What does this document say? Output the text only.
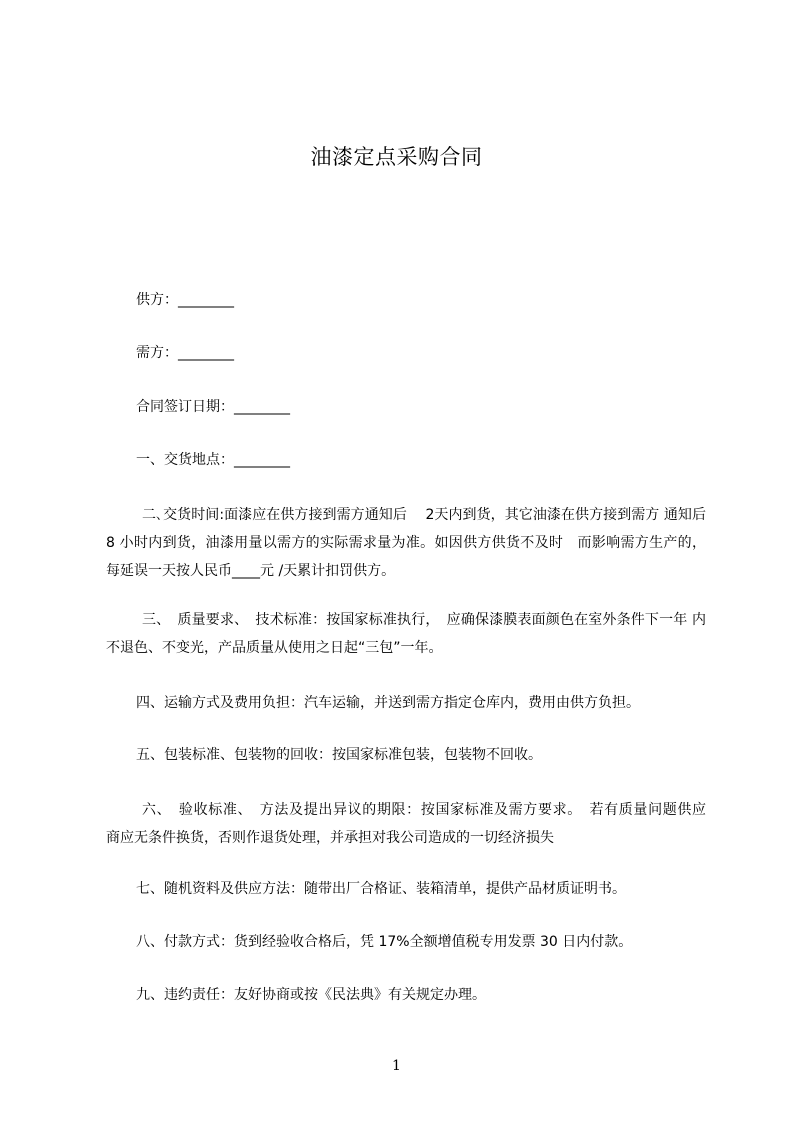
油漆定点采购合同
供方：________
需方：________
合同签订日期：________
一、交货地点：________
二､交货时间:面漆应在供方接到需方通知后　 2天内到货，其它油漆在供方接到需方 通知后 8 小时内到货，油漆用量以需方的实际需求量为准。如因供方供货不及时　而影响需方生产的，每延误一天按人民币____元 /天累计扣罚供方。
三、　质量要求、　技术标准：按国家标准执行，　应确保漆膜表面颜色在室外条件下一年 内不退色、不变光，产品质量从使用之日起“三包”一年。
四、运输方式及费用负担：汽车运输，并送到需方指定仓库内，费用由供方负担。
五、包装标准、包装物的回收：按国家标准包装，包装物不回收。
六、　验收标准、　方法及提出异议的期限：按国家标准及需方要求。　若有质量问题供应　商应无条件换货，否则作退货处理，并承担对我公司造成的一切经济损失
七、随机资料及供应方法：随带出厂合格证、装箱清单，提供产品材质证明书。
八、付款方式：货到经验收合格后，凭 17%全额增值税专用发票 30 日内付款。
九、违约责任：友好协商或按《民法典》有关规定办理。
1
